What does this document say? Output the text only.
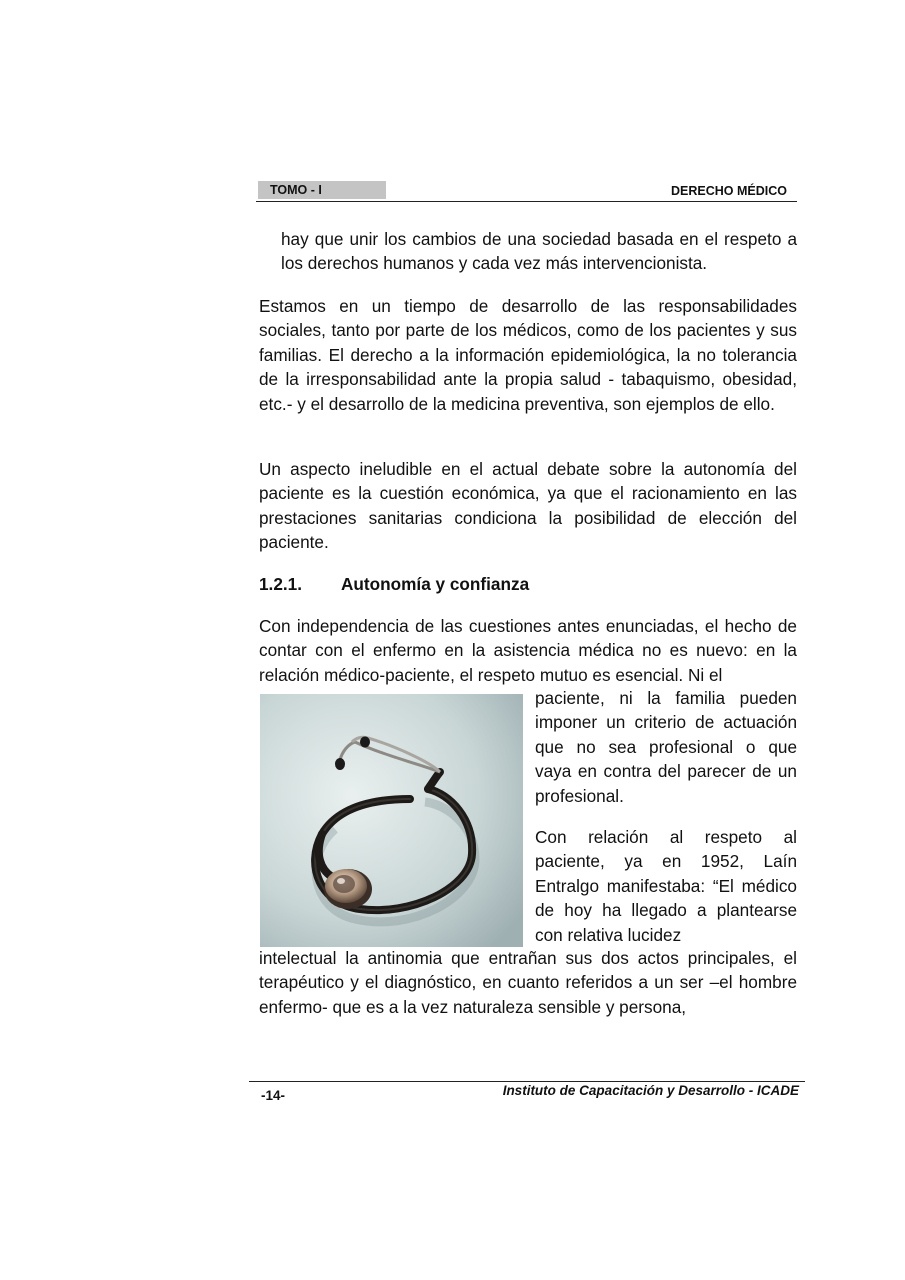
TOMO - I	DERECHO MÉDICO

hay que unir los cambios de una sociedad basada en el respeto a los derechos humanos y cada vez más intervencionista.

Estamos en un tiempo de desarrollo de las responsabilidades sociales, tanto por parte de los médicos, como de los pacientes y sus familias. El derecho a la información epidemiológica, la no tolerancia de la irresponsabilidad ante la propia salud - tabaquismo, obesidad, etc.- y el desarrollo de la medicina preventiva, son ejemplos de ello.

Un aspecto ineludible en el actual debate sobre la autonomía del paciente es la cuestión económica, ya que el racionamiento en las prestaciones sanitarias condiciona la posibilidad de elección del paciente.

1.2.1. Autonomía y confianza

Con independencia de las cuestiones antes enunciadas, el hecho de contar con el enfermo en la asistencia médica no es nuevo: en la relación médico-paciente, el respeto mutuo es esencial. Ni el

paciente, ni la familia pueden imponer un criterio de actuación que no sea profesional o que vaya en contra del parecer de un profesional.

Con relación al respeto al paciente, ya en 1952, Laín Entralgo manifestaba: “El médico de hoy ha llegado a plantearse con relativa lucidez

intelectual la antinomia que entrañan sus dos actos principales, el terapéutico y el diagnóstico, en cuanto referidos a un ser –el hombre enfermo- que es a la vez naturaleza sensible y persona,

-14-	Instituto de Capacitación y Desarrollo - ICADE
